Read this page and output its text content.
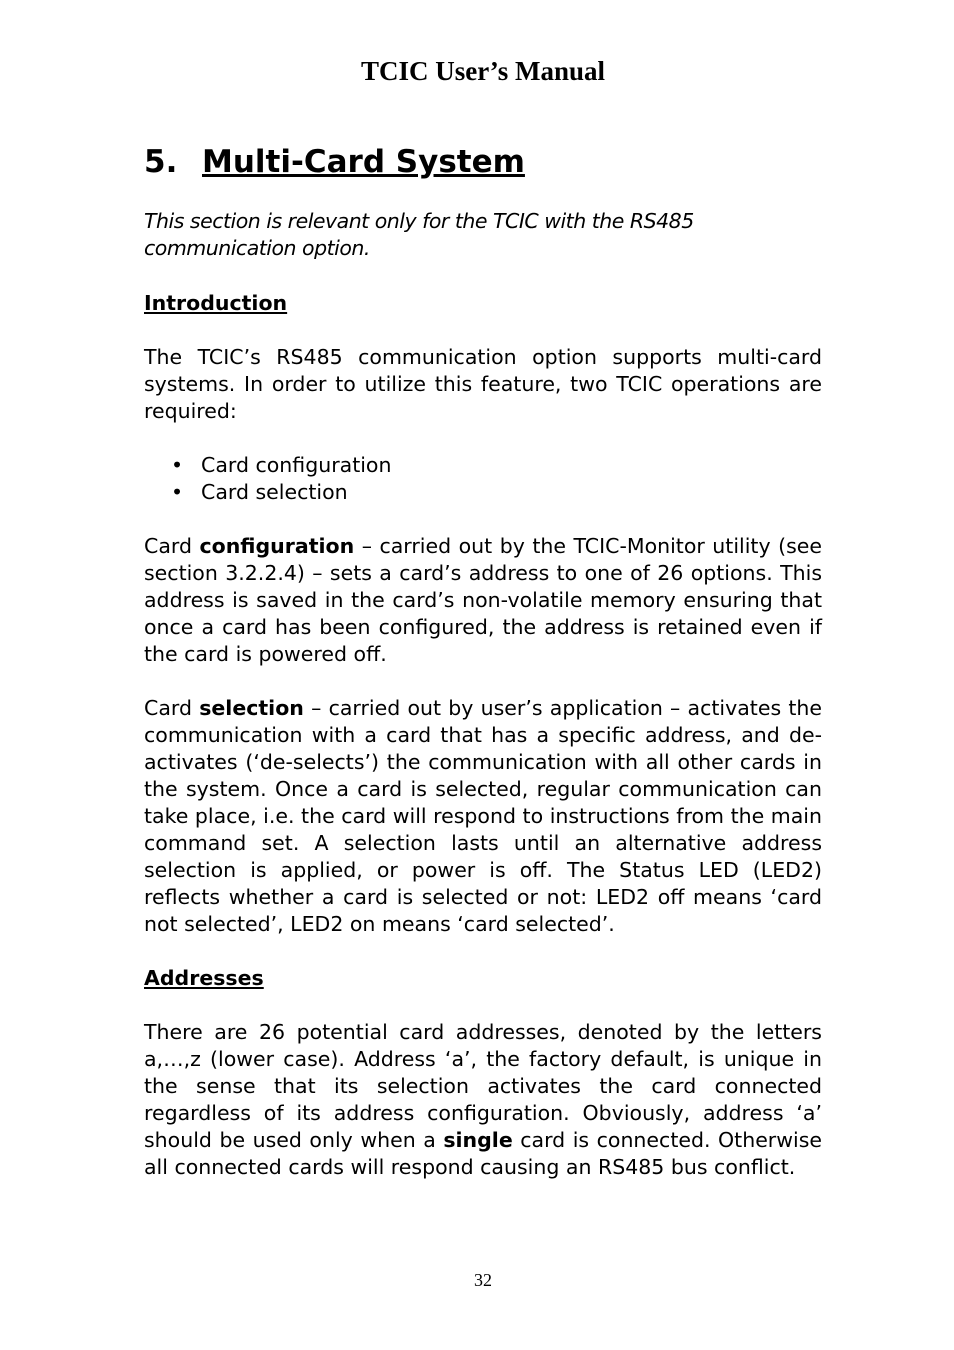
TCIC User’s Manual
5. Multi-Card System

This section is relevant only for the TCIC with the RS485 communication option.

Introduction

The TCIC’s RS485 communication option supports multi-card systems. In order to utilize this feature, two TCIC operations are required:

• Card configuration
• Card selection

Card configuration – carried out by the TCIC-Monitor utility (see section 3.2.2.4) – sets a card’s address to one of 26 options. This address is saved in the card’s non-volatile memory ensuring that once a card has been configured, the address is retained even if the card is powered off.

Card selection – carried out by user’s application – activates the communication with a card that has a specific address, and de-activates (‘de-selects’) the communication with all other cards in the system. Once a card is selected, regular communication can take place, i.e. the card will respond to instructions from the main command set. A selection lasts until an alternative address selection is applied, or power is off. The Status LED (LED2) reflects whether a card is selected or not: LED2 off means ‘card not selected’, LED2 on means ‘card selected’.

Addresses

There are 26 potential card addresses, denoted by the letters a,…,z (lower case). Address ‘a’, the factory default, is unique in the sense that its selection activates the card connected regardless of its address configuration. Obviously, address ‘a’ should be used only when a single card is connected. Otherwise all connected cards will respond causing an RS485 bus conflict.

32
